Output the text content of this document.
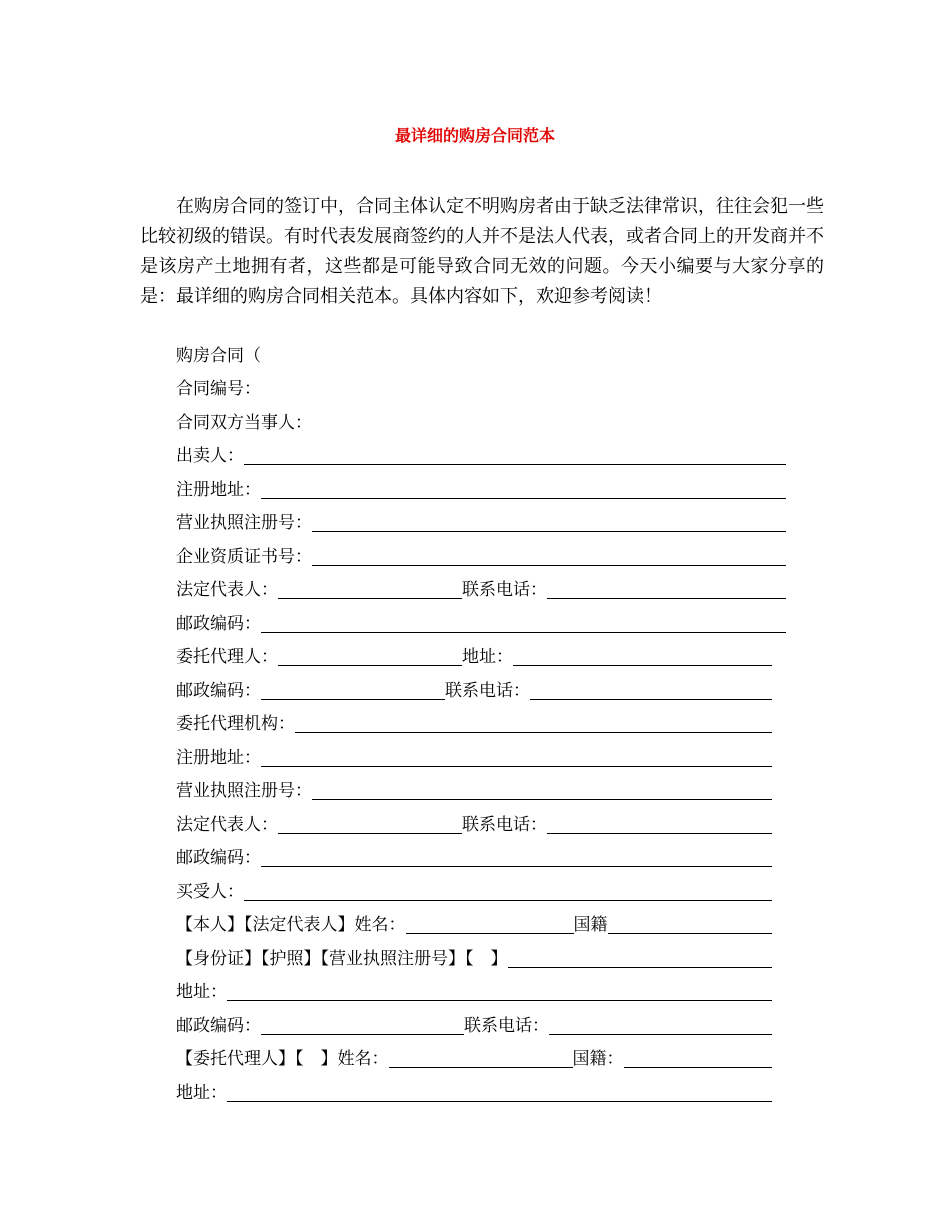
最详细的购房合同范本

在购房合同的签订中，合同主体认定不明购房者由于缺乏法律常识，往往会犯一些比较初级的错误。有时代表发展商签约的人并不是法人代表，或者合同上的开发商并不是该房产土地拥有者，这些都是可能导致合同无效的问题。今天小编要与大家分享的是：最详细的购房合同相关范本。具体内容如下，欢迎参考阅读！

购房合同（
合同编号：
合同双方当事人：
出卖人：
注册地址：
营业执照注册号：
企业资质证书号：
法定代表人：	联系电话：
邮政编码：
委托代理人：	地址：
邮政编码：	联系电话：
委托代理机构：
注册地址：
营业执照注册号：
法定代表人：	联系电话：
邮政编码：
买受人：
【本人】【法定代表人】姓名：	国籍
【身份证】【护照】【营业执照注册号】【　】
地址：
邮政编码：	联系电话：
【委托代理人】【　】姓名：	国籍：
地址：
